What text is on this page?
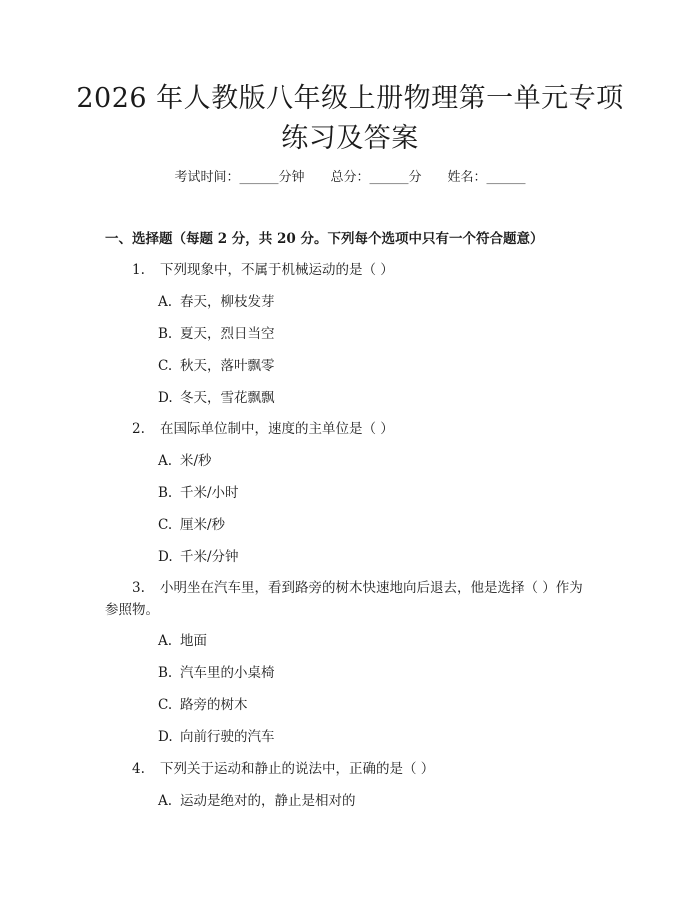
2026 年人教版八年级上册物理第一单元专项
练习及答案
考试时间：______分钟 总分：______分 姓名：______
一、选择题（每题 2 分，共 20 分。下列每个选项中只有一个符合题意）
1. 下列现象中，不属于机械运动的是（ ）
A. 春天，柳枝发芽
B. 夏天，烈日当空
C. 秋天，落叶飘零
D. 冬天，雪花飘飘
2. 在国际单位制中，速度的主单位是（ ）
A. 米/秒
B. 千米/小时
C. 厘米/秒
D. 千米/分钟
3. 小明坐在汽车里，看到路旁的树木快速地向后退去，他是选择（ ）作为
参照物。
A. 地面
B. 汽车里的小桌椅
C. 路旁的树木
D. 向前行驶的汽车
4. 下列关于运动和静止的说法中，正确的是（ ）
A. 运动是绝对的，静止是相对的
